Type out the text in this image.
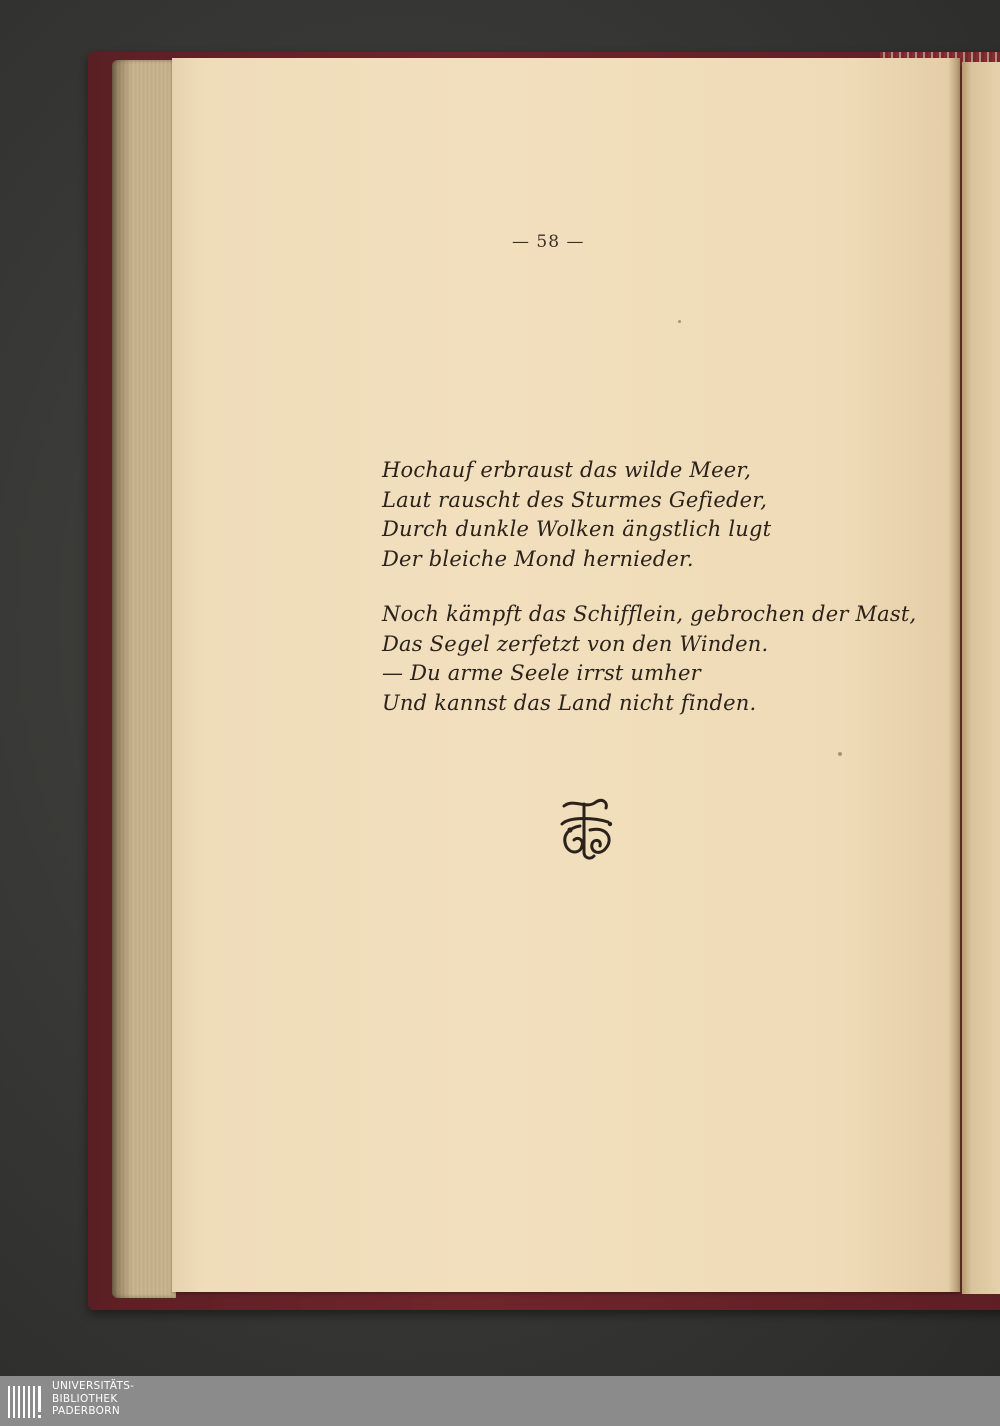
— 58 —
Hochauf erbraust das wilde Meer,
Laut rauscht des Sturmes Gefieder,
Durch dunkle Wolken ängstlich lugt
Der bleiche Mond hernieder.
Noch kämpft das Schifflein, gebrochen der Mast,
Das Segel zerfetzt von den Winden.
— Du arme Seele irrst umher
Und kannst das Land nicht finden.
UNIVERSITÄTS-
BIBLIOTHEK
PADERBORN
